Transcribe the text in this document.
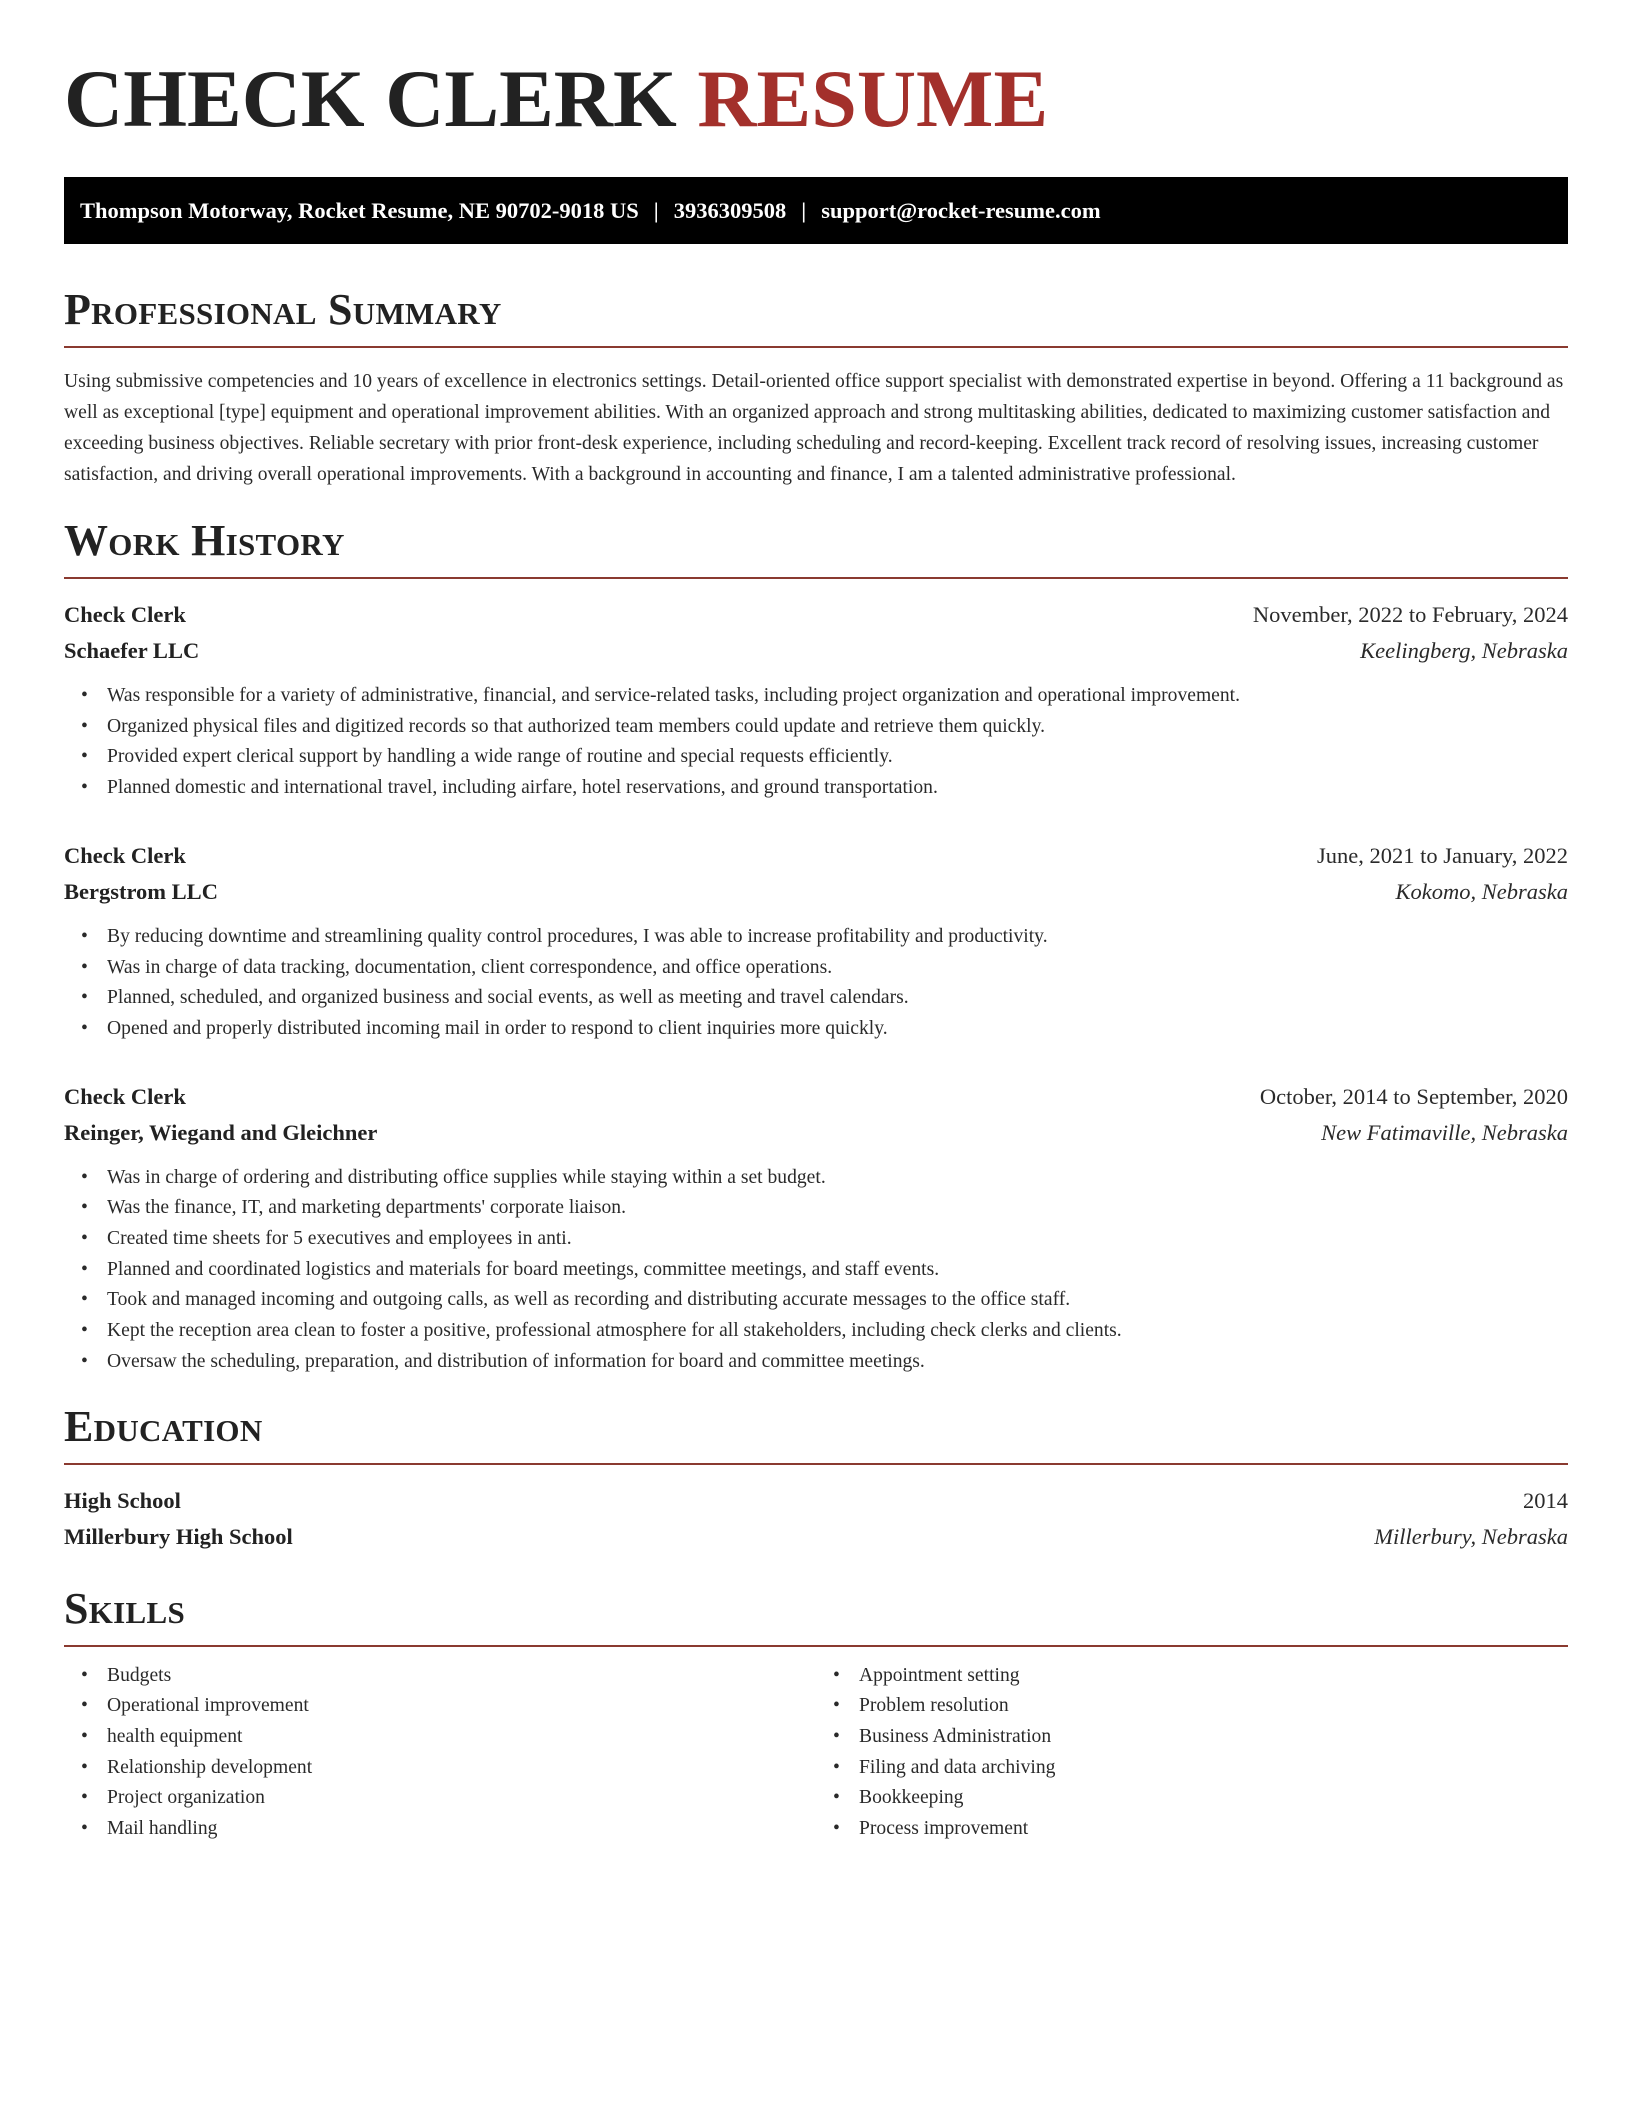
CHECK CLERK RESUME
Thompson Motorway, Rocket Resume, NE 90702-9018 US | 3936309508 | support@rocket-resume.com
Professional Summary

Using submissive competencies and 10 years of excellence in electronics settings. Detail-oriented office support specialist with demonstrated expertise in beyond. Offering a 11 background as well as exceptional [type] equipment and operational improvement abilities. With an organized approach and strong multitasking abilities, dedicated to maximizing customer satisfaction and exceeding business objectives. Reliable secretary with prior front-desk experience, including scheduling and record-keeping. Excellent track record of resolving issues, increasing customer satisfaction, and driving overall operational improvements. With a background in accounting and finance, I am a talented administrative professional.

Work History
Check Clerk	November, 2022 to February, 2024
Schaefer LLC	Keelingberg, Nebraska
• Was responsible for a variety of administrative, financial, and service-related tasks, including project organization and operational improvement.
• Organized physical files and digitized records so that authorized team members could update and retrieve them quickly.
• Provided expert clerical support by handling a wide range of routine and special requests efficiently.
• Planned domestic and international travel, including airfare, hotel reservations, and ground transportation.
Check Clerk	June, 2021 to January, 2022
Bergstrom LLC	Kokomo, Nebraska
• By reducing downtime and streamlining quality control procedures, I was able to increase profitability and productivity.
• Was in charge of data tracking, documentation, client correspondence, and office operations.
• Planned, scheduled, and organized business and social events, as well as meeting and travel calendars.
• Opened and properly distributed incoming mail in order to respond to client inquiries more quickly.
Check Clerk	October, 2014 to September, 2020
Reinger, Wiegand and Gleichner	New Fatimaville, Nebraska
• Was in charge of ordering and distributing office supplies while staying within a set budget.
• Was the finance, IT, and marketing departments' corporate liaison.
• Created time sheets for 5 executives and employees in anti.
• Planned and coordinated logistics and materials for board meetings, committee meetings, and staff events.
• Took and managed incoming and outgoing calls, as well as recording and distributing accurate messages to the office staff.
• Kept the reception area clean to foster a positive, professional atmosphere for all stakeholders, including check clerks and clients.
• Oversaw the scheduling, preparation, and distribution of information for board and committee meetings.
Education
High School	2014
Millerbury High School	Millerbury, Nebraska
Skills
• Budgets
• Operational improvement
• health equipment
• Relationship development
• Project organization
• Mail handling
• Appointment setting
• Problem resolution
• Business Administration
• Filing and data archiving
• Bookkeeping
• Process improvement
